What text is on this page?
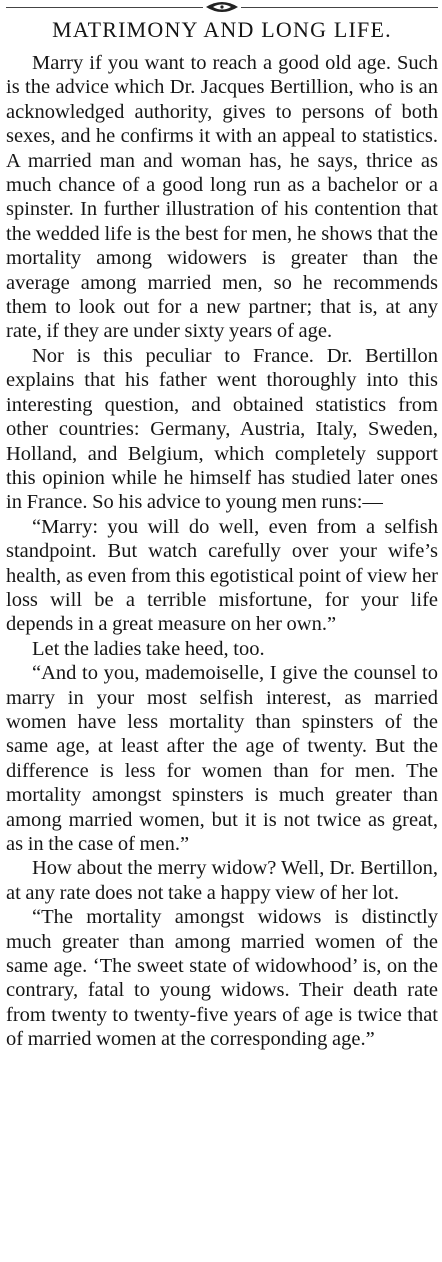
MATRIMONY AND LONG LIFE.

Marry if you want to reach a good old age. Such is the advice which Dr. Jacques Bertillion, who is an acknowledged authority, gives to persons of both sexes, and he confirms it with an appeal to statistics. A married man and woman has, he says, thrice as much chance of a good long run as a bachelor or a spinster. In further illustration of his contention that the wedded life is the best for men, he shows that the mortality among widowers is greater than the average among married men, so he recommends them to look out for a new partner; that is, at any rate, if they are under sixty years of age.

Nor is this peculiar to France. Dr. Bertillon explains that his father went thoroughly into this interesting question, and obtained statistics from other countries: Germany, Austria, Italy, Sweden, Holland, and Belgium, which completely support this opinion while he himself has studied later ones in France. So his advice to young men runs:—

“Marry: you will do well, even from a selfish standpoint. But watch carefully over your wife’s health, as even from this egotistical point of view her loss will be a terrible misfortune, for your life depends in a great measure on her own.”

Let the ladies take heed, too.

“And to you, mademoiselle, I give the counsel to marry in your most selfish interest, as married women have less mortality than spinsters of the same age, at least after the age of twenty. But the difference is less for women than for men. The mortality amongst spinsters is much greater than among married women, but it is not twice as great, as in the case of men.”

How about the merry widow? Well, Dr. Bertillon, at any rate does not take a happy view of her lot.

“The mortality amongst widows is distinctly much greater than among married women of the same age. ‘The sweet state of widowhood’ is, on the contrary, fatal to young widows. Their death rate from twenty to twenty-five years of age is twice that of married women at the corresponding age.”
